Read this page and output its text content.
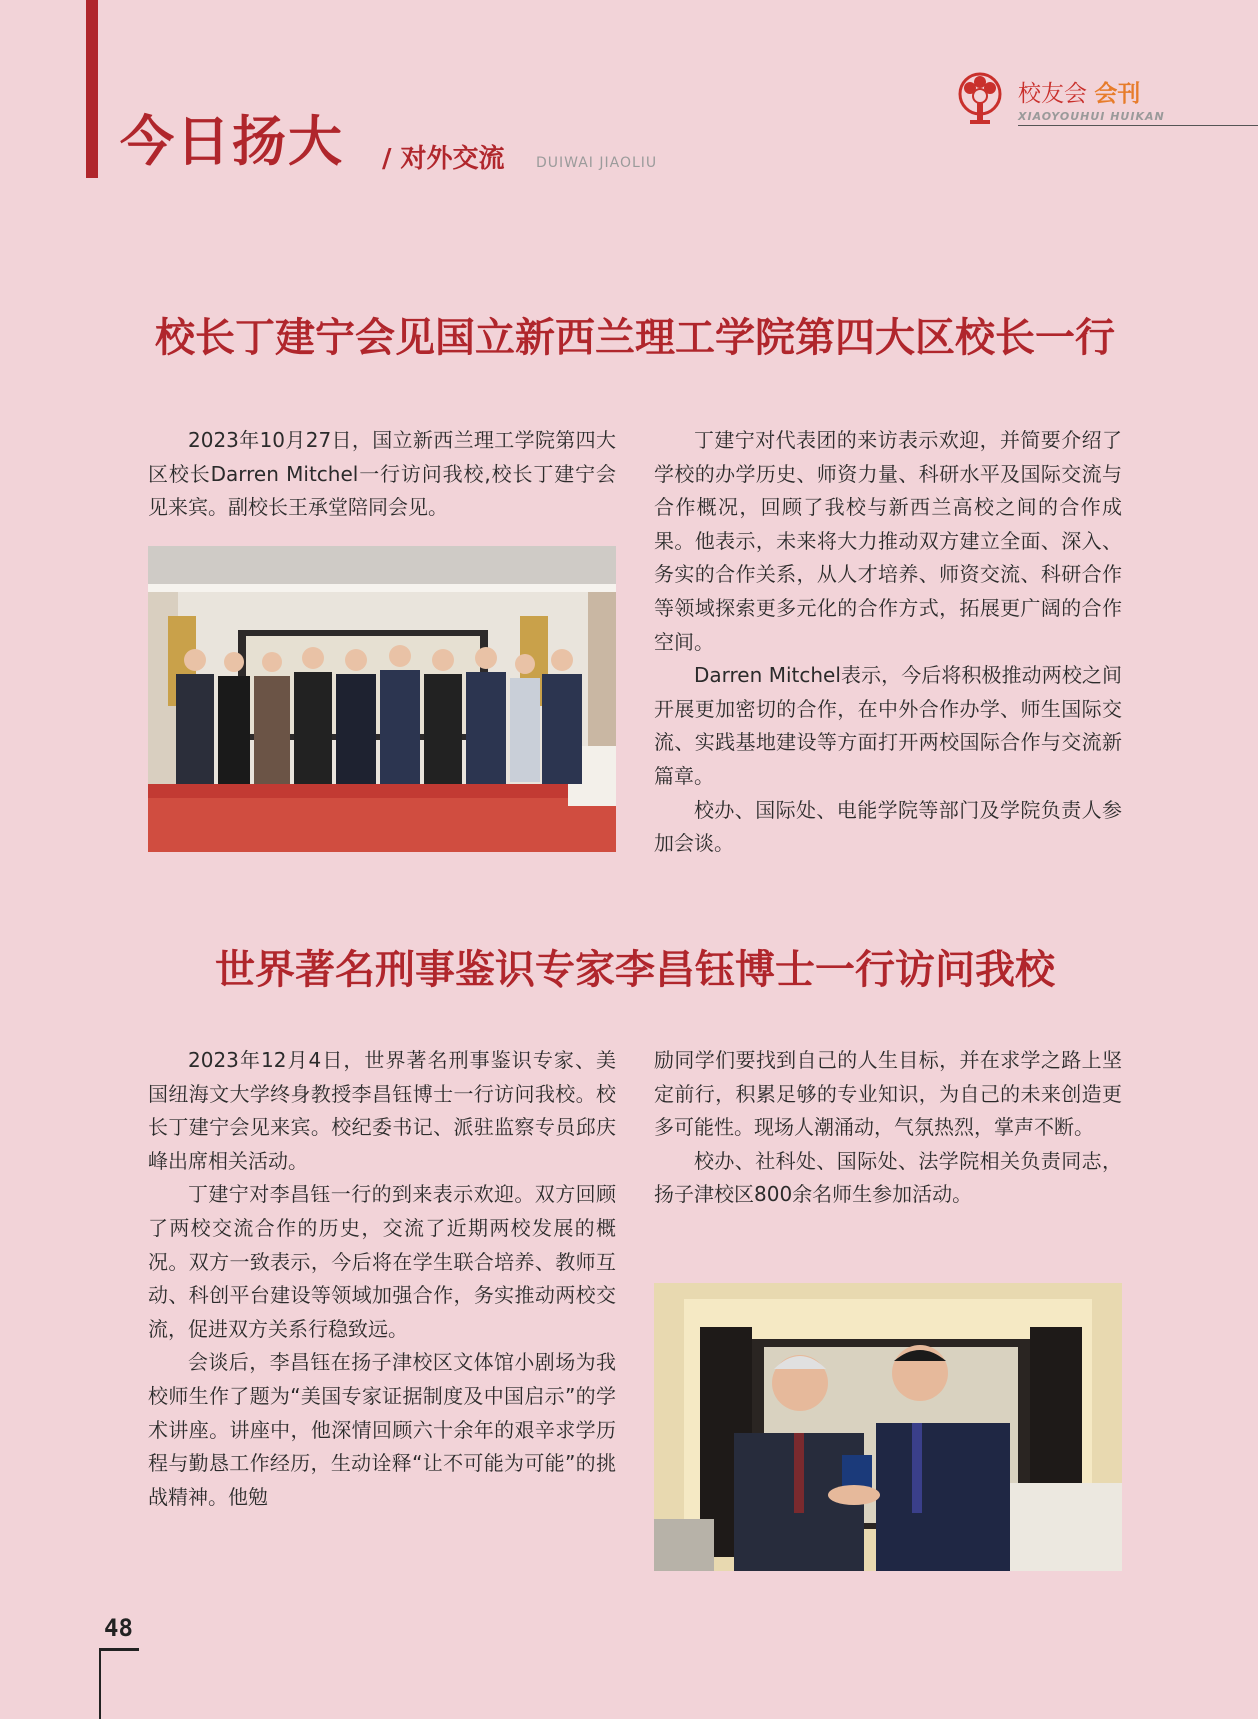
今日扬大 / 对外交流 DUIWAI JIAOLIU
校友会 会刊
XIAOYOUHUI HUIKAN
校长丁建宁会见国立新西兰理工学院第四大区校长一行

2023年10月27日，国立新西兰理工学院第四大区校长Darren Mitchel一行访问我校,校长丁建宁会见来宾。副校长王承堂陪同会见。

丁建宁对代表团的来访表示欢迎，并简要介绍了学校的办学历史、师资力量、科研水平及国际交流与合作概况，回顾了我校与新西兰高校之间的合作成果。他表示，未来将大力推动双方建立全面、深入、务实的合作关系，从人才培养、师资交流、科研合作等领域探索更多元化的合作方式，拓展更广阔的合作空间。

Darren Mitchel表示，今后将积极推动两校之间开展更加密切的合作，在中外合作办学、师生国际交流、实践基地建设等方面打开两校国际合作与交流新篇章。

校办、国际处、电能学院等部门及学院负责人参加会谈。

世界著名刑事鉴识专家李昌钰博士一行访问我校

2023年12月4日，世界著名刑事鉴识专家、美国纽海文大学终身教授李昌钰博士一行访问我校。校长丁建宁会见来宾。校纪委书记、派驻监察专员邱庆峰出席相关活动。

丁建宁对李昌钰一行的到来表示欢迎。双方回顾了两校交流合作的历史，交流了近期两校发展的概况。双方一致表示，今后将在学生联合培养、教师互动、科创平台建设等领域加强合作，务实推动两校交流，促进双方关系行稳致远。

会谈后，李昌钰在扬子津校区文体馆小剧场为我校师生作了题为“美国专家证据制度及中国启示”的学术讲座。讲座中，他深情回顾六十余年的艰辛求学历程与勤恳工作经历，生动诠释“让不可能为可能”的挑战精神。他勉

励同学们要找到自己的人生目标，并在求学之路上坚定前行，积累足够的专业知识，为自己的未来创造更多可能性。现场人潮涌动，气氛热烈，掌声不断。

校办、社科处、国际处、法学院相关负责同志，扬子津校区800余名师生参加活动。

48
